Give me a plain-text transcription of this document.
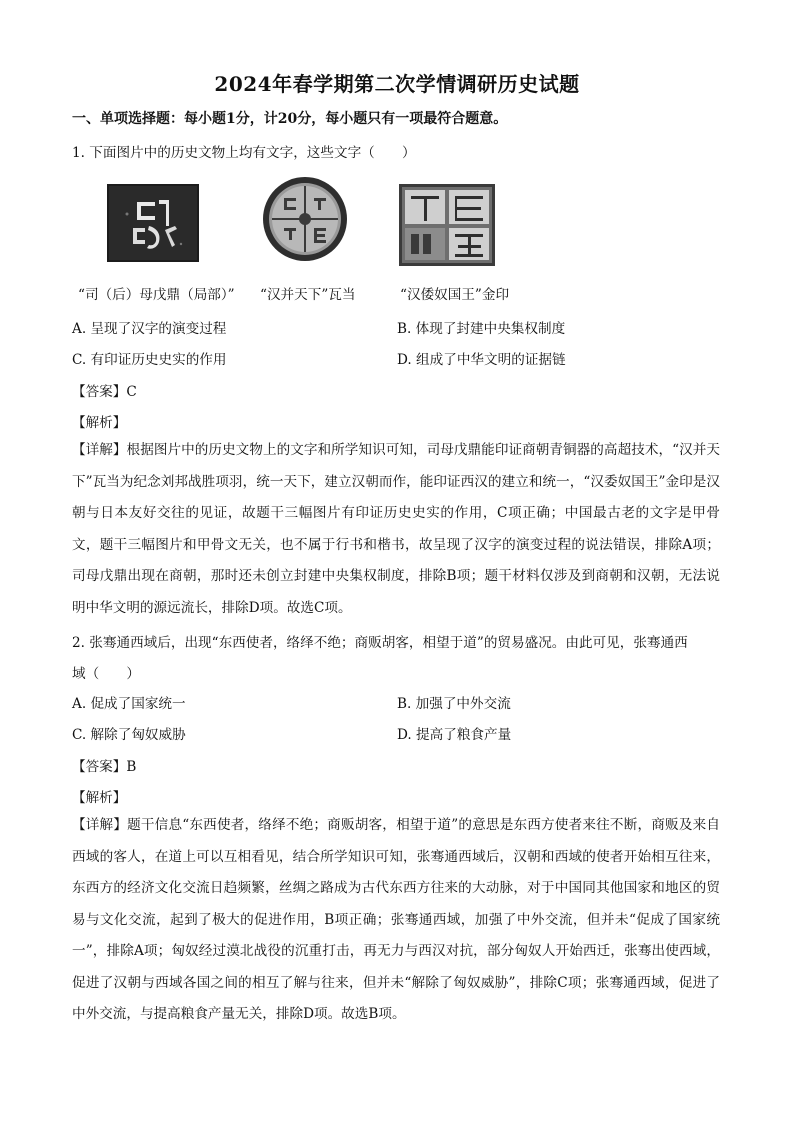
2024年春学期第二次学情调研历史试题
一、单项选择题：每小题1分，计20分，每小题只有一项最符合题意。
1. 下面图片中的历史文物上均有文字，这些文字（　　）
“司（后）母戊鼎（局部）” “汉并天下”瓦当	“汉倭奴国王”金印
A. 呈现了汉字的演变过程	B. 体现了封建中央集权制度
C. 有印证历史史实的作用	D. 组成了中华文明的证据链
【答案】C
【解析】
【详解】根据图片中的历史文物上的文字和所学知识可知，司母戊鼎能印证商朝青铜器的高超技术，“汉并天下”瓦当为纪念刘邦战胜项羽，统一天下，建立汉朝而作，能印证西汉的建立和统一，“汉委奴国王”金印是汉朝与日本友好交往的见证，故题干三幅图片有印证历史史实的作用，C项正确；中国最古老的文字是甲骨文，题干三幅图片和甲骨文无关，也不属于行书和楷书，故呈现了汉字的演变过程的说法错误，排除A项；司母戊鼎出现在商朝，那时还未创立封建中央集权制度，排除B项；题干材料仅涉及到商朝和汉朝，无法说明中华文明的源远流长，排除D项。故选C项。
2. 张骞通西域后，出现“东西使者，络绎不绝；商贩胡客，相望于道”的贸易盛况。由此可见，张骞通西
域（　　）
A. 促成了国家统一	B. 加强了中外交流
C. 解除了匈奴威胁	D. 提高了粮食产量
【答案】B
【解析】
【详解】题干信息“东西使者，络绎不绝；商贩胡客，相望于道”的意思是东西方使者来往不断，商贩及来自西域的客人，在道上可以互相看见，结合所学知识可知，张骞通西域后，汉朝和西域的使者开始相互往来，东西方的经济文化交流日趋频繁，丝绸之路成为古代东西方往来的大动脉，对于中国同其他国家和地区的贸易与文化交流，起到了极大的促进作用，B项正确；张骞通西域，加强了中外交流，但并未“促成了国家统一”，排除A项；匈奴经过漠北战役的沉重打击，再无力与西汉对抗，部分匈奴人开始西迁，张骞出使西域，促进了汉朝与西域各国之间的相互了解与往来，但并未“解除了匈奴威胁”，排除C项；张骞通西域，促进了中外交流，与提高粮食产量无关，排除D项。故选B项。
